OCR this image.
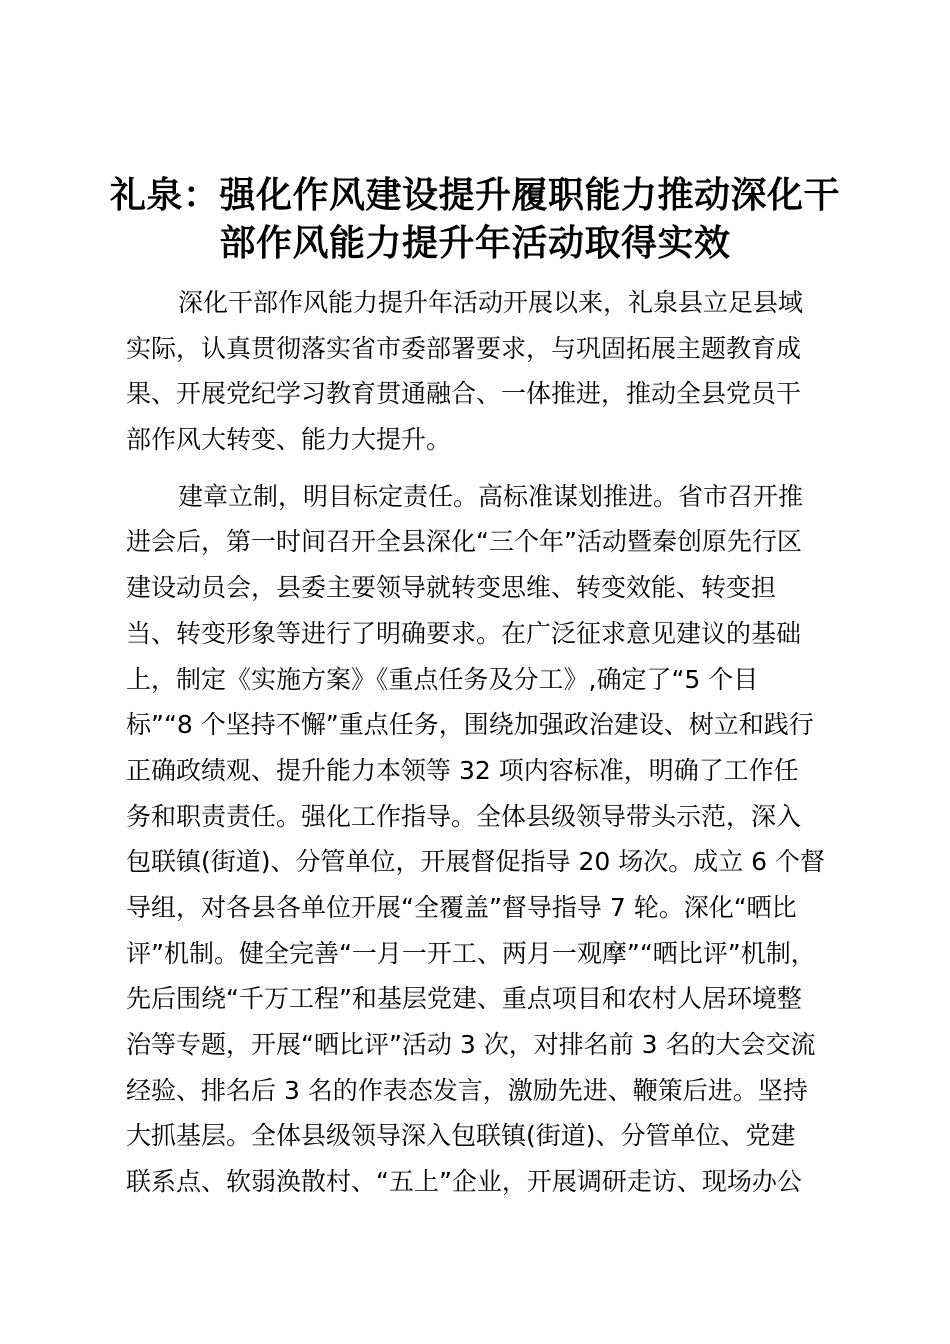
礼泉：强化作风建设提升履职能力推动深化干
部作风能力提升年活动取得实效
深化干部作风能力提升年活动开展以来，礼泉县立足县域
实际，认真贯彻落实省市委部署要求，与巩固拓展主题教育成
果、开展党纪学习教育贯通融合、一体推进，推动全县党员干
部作风大转变、能力大提升。
建章立制，明目标定责任。高标准谋划推进。省市召开推
进会后，第一时间召开全县深化“三个年”活动暨秦创原先行区
建设动员会，县委主要领导就转变思维、转变效能、转变担
当、转变形象等进行了明确要求。在广泛征求意见建议的基础
上，制定《实施方案》《重点任务及分工》,确定了“5 个目
标”“8 个坚持不懈”重点任务，围绕加强政治建设、树立和践行
正确政绩观、提升能力本领等 32 项内容标准，明确了工作任
务和职责责任。强化工作指导。全体县级领导带头示范，深入
包联镇(街道)、分管单位，开展督促指导 20 场次。成立 6 个督
导组，对各县各单位开展“全覆盖”督导指导 7 轮。深化“晒比
评”机制。健全完善“一月一开工、两月一观摩”“晒比评”机制，
先后围绕“千万工程”和基层党建、重点项目和农村人居环境整
治等专题，开展“晒比评”活动 3 次，对排名前 3 名的大会交流
经验、排名后 3 名的作表态发言，激励先进、鞭策后进。坚持
大抓基层。全体县级领导深入包联镇(街道)、分管单位、党建
联系点、软弱涣散村、“五上”企业，开展调研走访、现场办公
